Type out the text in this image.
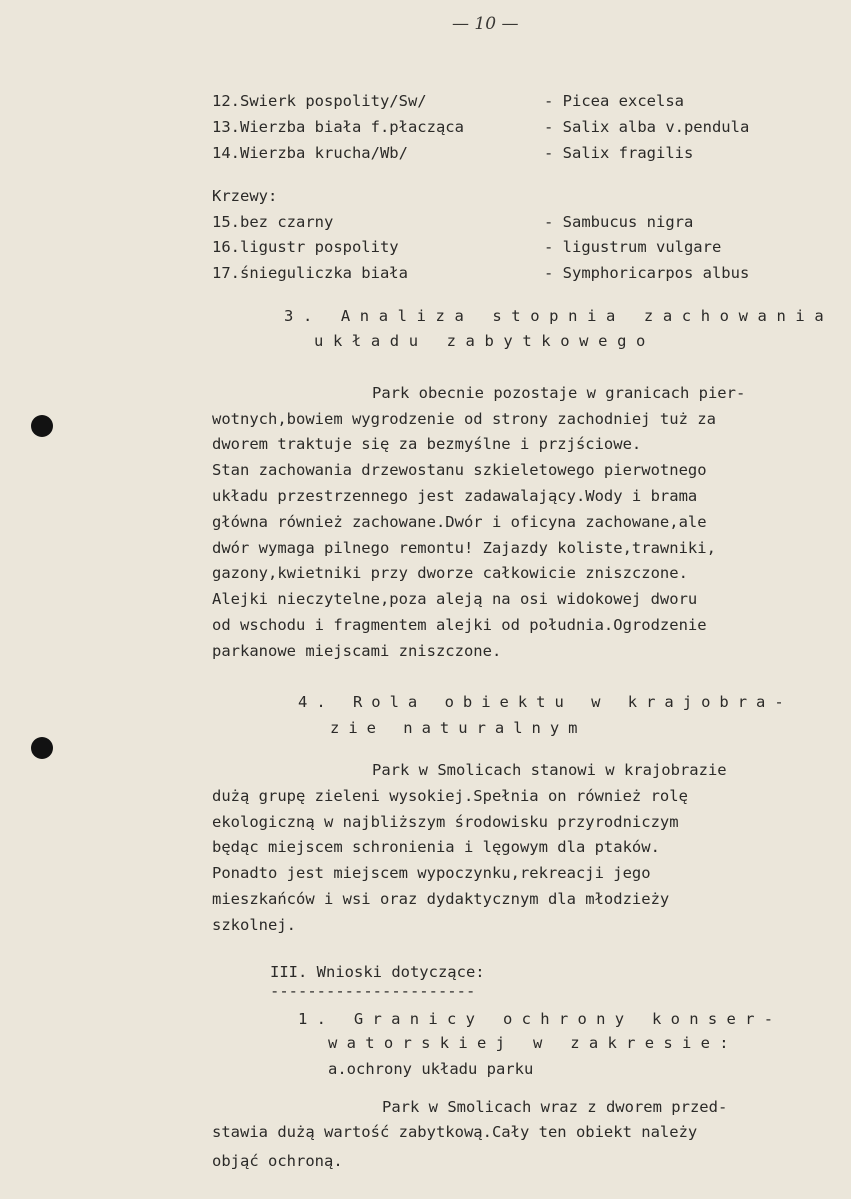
— 10 —
12.Swierk pospolity/Sw/	- Picea excelsa
13.Wierzba biała f.płacząca	- Salix alba v.pendula
14.Wierzba krucha/Wb/	- Salix fragilis
Krzewy:
15.bez czarny	- Sambucus nigra
16.ligustr pospolity	- ligustrum vulgare
17.śnieguliczka biała	- Symphoricarpos albus
3. Analiza stopnia zachowania
układu zabytkowego
Park obecnie pozostaje w granicach pier-
wotnych,bowiem wygrodzenie od strony zachodniej tuż za
dworem traktuje się za bezmyślne i przjściowe.
Stan zachowania drzewostanu szkieletowego pierwotnego
układu przestrzennego jest zadawalający.Wody i brama
główna również zachowane.Dwór i oficyna zachowane,ale
dwór wymaga pilnego remontu! Zajazdy koliste,trawniki,
gazony,kwietniki przy dworze całkowicie zniszczone.
Alejki nieczytelne,poza aleją na osi widokowej dworu
od wschodu i fragmentem alejki od południa.Ogrodzenie
parkanowe miejscami zniszczone.
4. Rola obiektu w krajobra-
zie naturalnym
Park w Smolicach stanowi w krajobrazie
dużą grupę zieleni wysokiej.Spełnia on również rolę
ekologiczną w najbliższym środowisku przyrodniczym
będąc miejscem schronienia i lęgowym dla ptaków.
Ponadto jest miejscem wypoczynku,rekreacji jego
mieszkańców i wsi oraz dydaktycznym dla młodzieży
szkolnej.
III. Wnioski dotyczące:
----------------------
1. Granicy ochrony konser-
watorskiej w zakresie:
a.ochrony układu parku
Park w Smolicach wraz z dworem przed-
stawia dużą wartość zabytkową.Cały ten obiekt należy
objąć ochroną.
